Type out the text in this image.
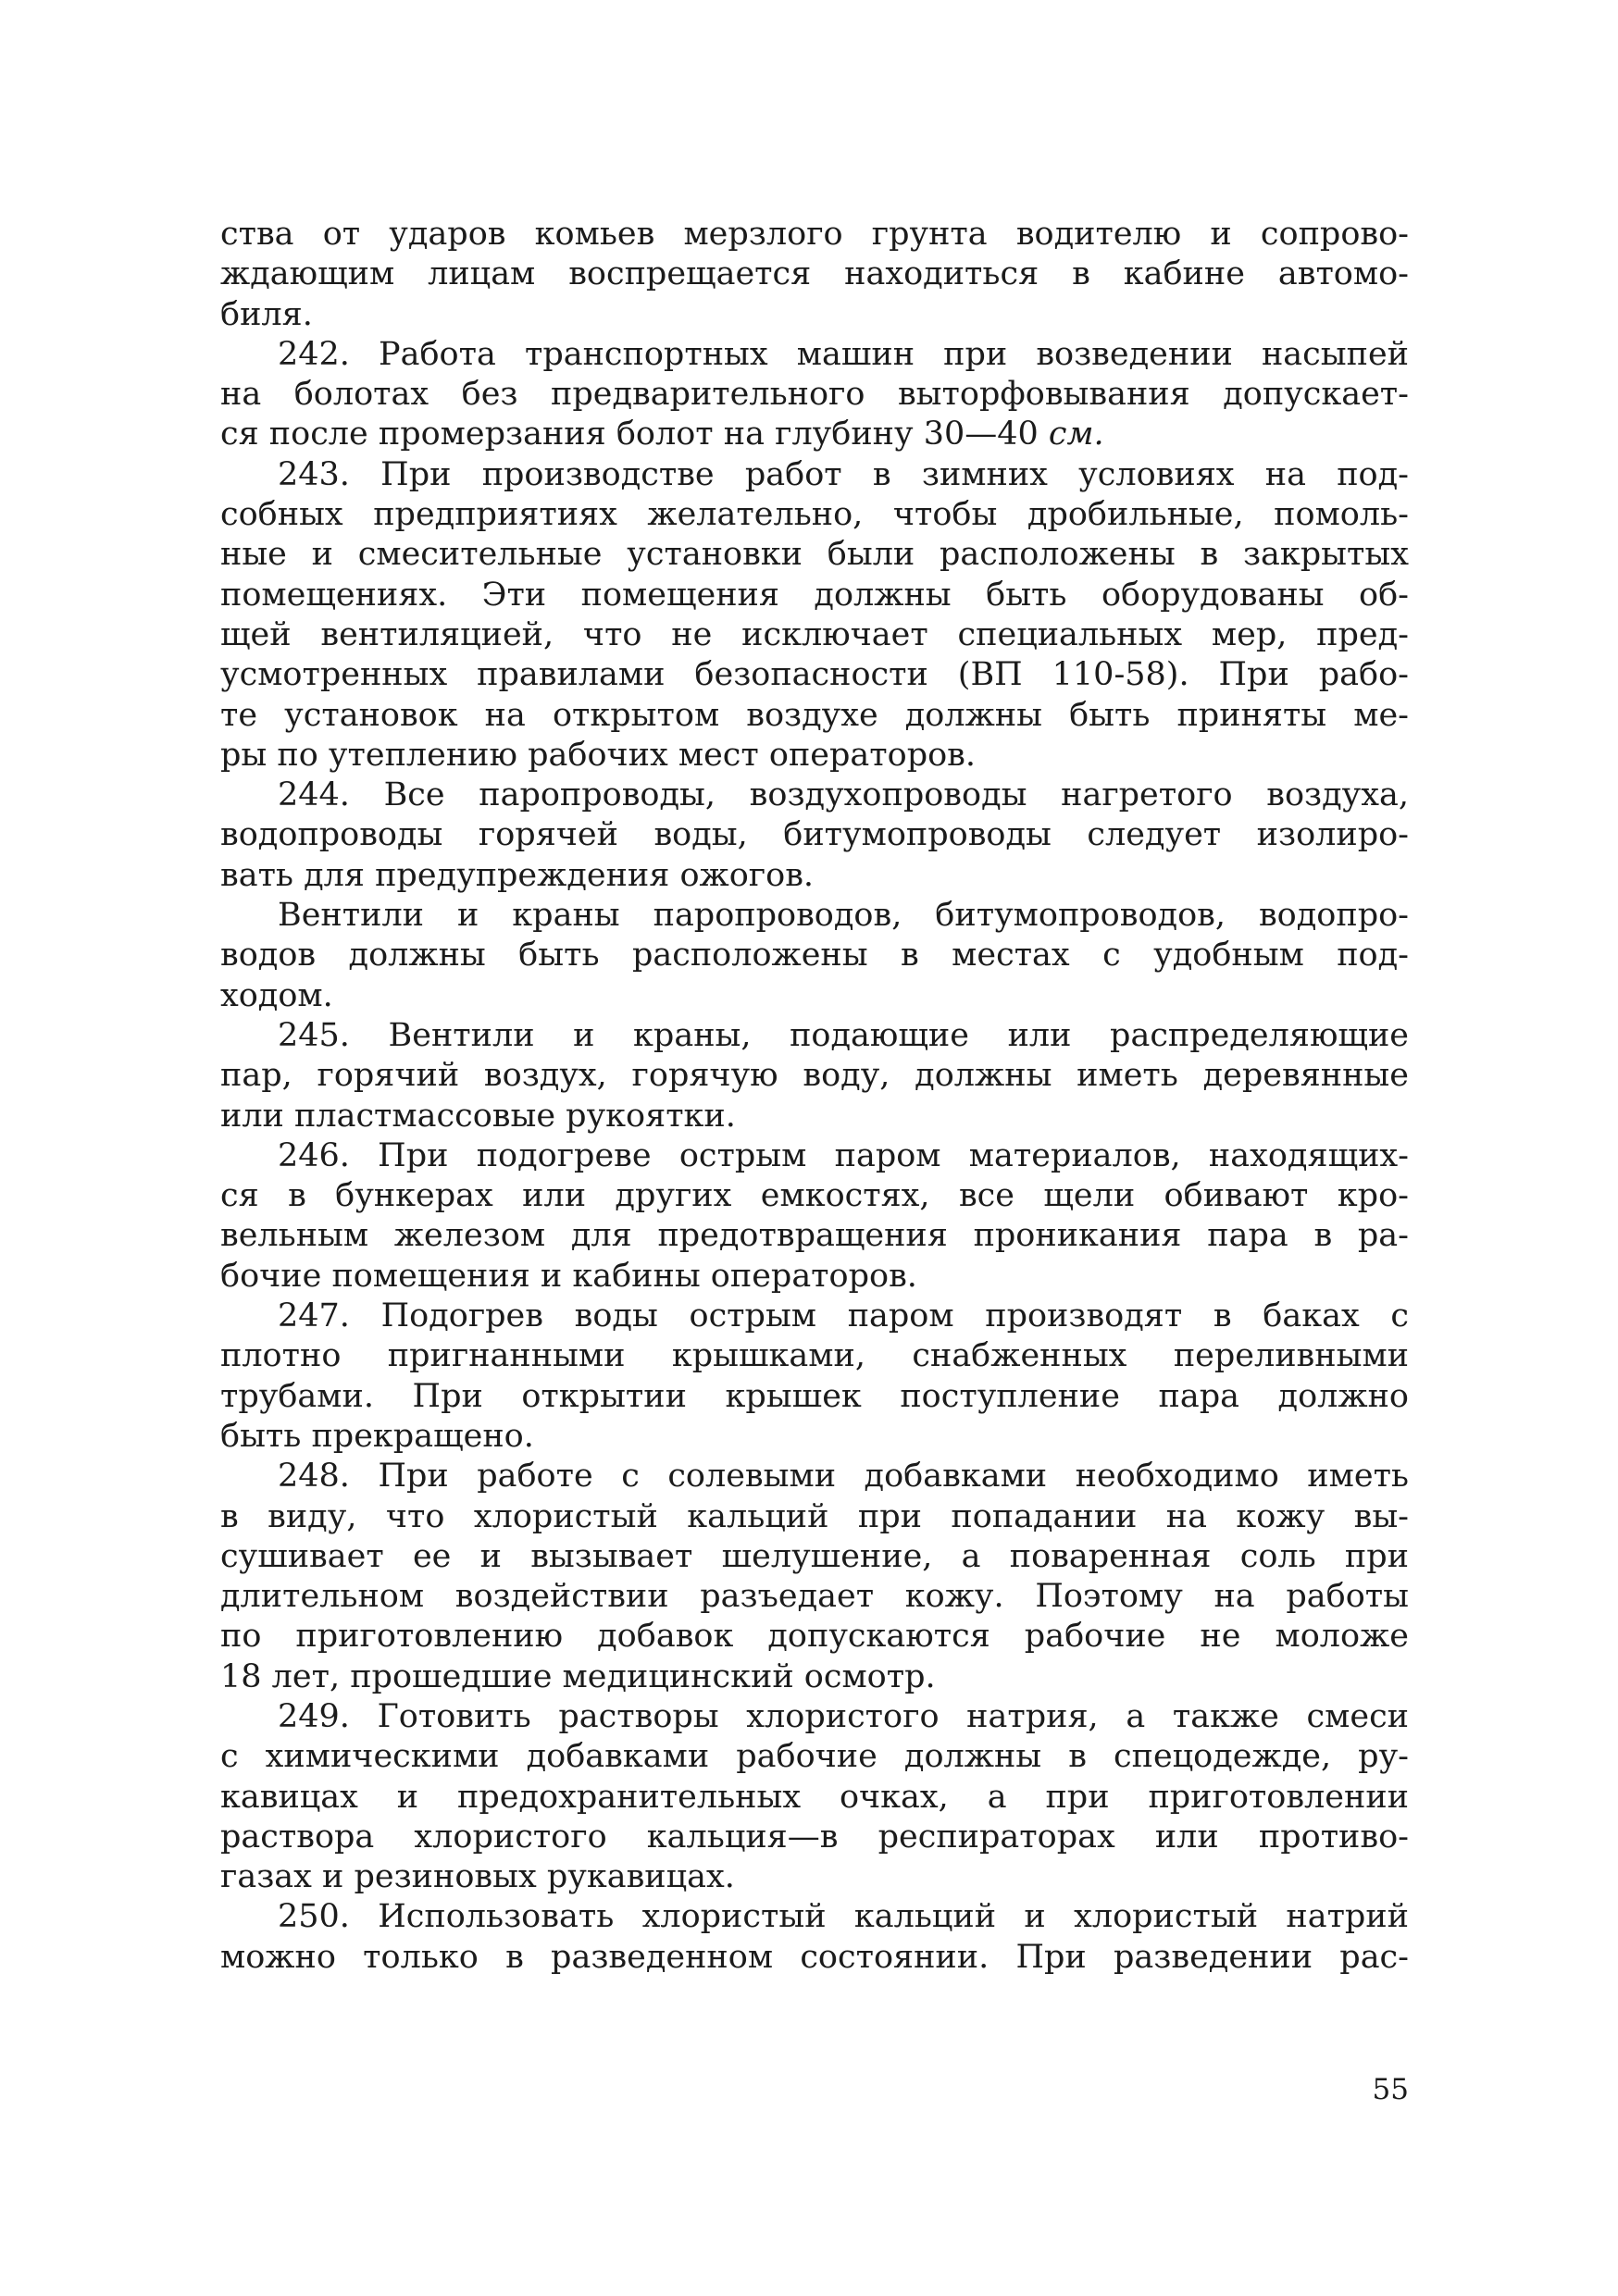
ства от ударов комьев мерзлого грунта водителю и сопрово-
ждающим лицам воспрещается находиться в кабине автомо-
биля.
242. Работа транспортных машин при возведении насыпей
на болотах без предварительного выторфовывания допускает-
ся после промерзания болот на глубину 30—40 см.
243. При производстве работ в зимних условиях на под-
собных предприятиях желательно, чтобы дробильные, помоль-
ные и смесительные установки были расположены в закрытых
помещениях. Эти помещения должны быть оборудованы об-
щей вентиляцией, что не исключает специальных мер, пред-
усмотренных правилами безопасности (ВП 110-58). При рабо-
те установок на открытом воздухе должны быть приняты ме-
ры по утеплению рабочих мест операторов.
244. Все паропроводы, воздухопроводы нагретого воздуха,
водопроводы горячей воды, битумопроводы следует изолиро-
вать для предупреждения ожогов.
Вентили и краны паропроводов, битумопроводов, водопро-
водов должны быть расположены в местах с удобным под-
ходом.
245. Вентили и краны, подающие или распределяющие
пар, горячий воздух, горячую воду, должны иметь деревянные
или пластмассовые рукоятки.
246. При подогреве острым паром материалов, находящих-
ся в бункерах или других емкостях, все щели обивают кро-
вельным железом для предотвращения проникания пара в ра-
бочие помещения и кабины операторов.
247. Подогрев воды острым паром производят в баках с
плотно пригнанными крышками, снабженных переливными
трубами. При открытии крышек поступление пара должно
быть прекращено.
248. При работе с солевыми добавками необходимо иметь
в виду, что хлористый кальций при попадании на кожу вы-
сушивает ее и вызывает шелушение, а поваренная соль при
длительном воздействии разъедает кожу. Поэтому на работы
по приготовлению добавок допускаются рабочие не моложе
18 лет, прошедшие медицинский осмотр.
249. Готовить растворы хлористого натрия, а также смеси
с химическими добавками рабочие должны в спецодежде, ру-
кавицах и предохранительных очках, а при приготовлении
раствора хлористого кальция—в респираторах или противо-
газах и резиновых рукавицах.
250. Использовать хлористый кальций и хлористый натрий
можно только в разведенном состоянии. При разведении рас-
55
